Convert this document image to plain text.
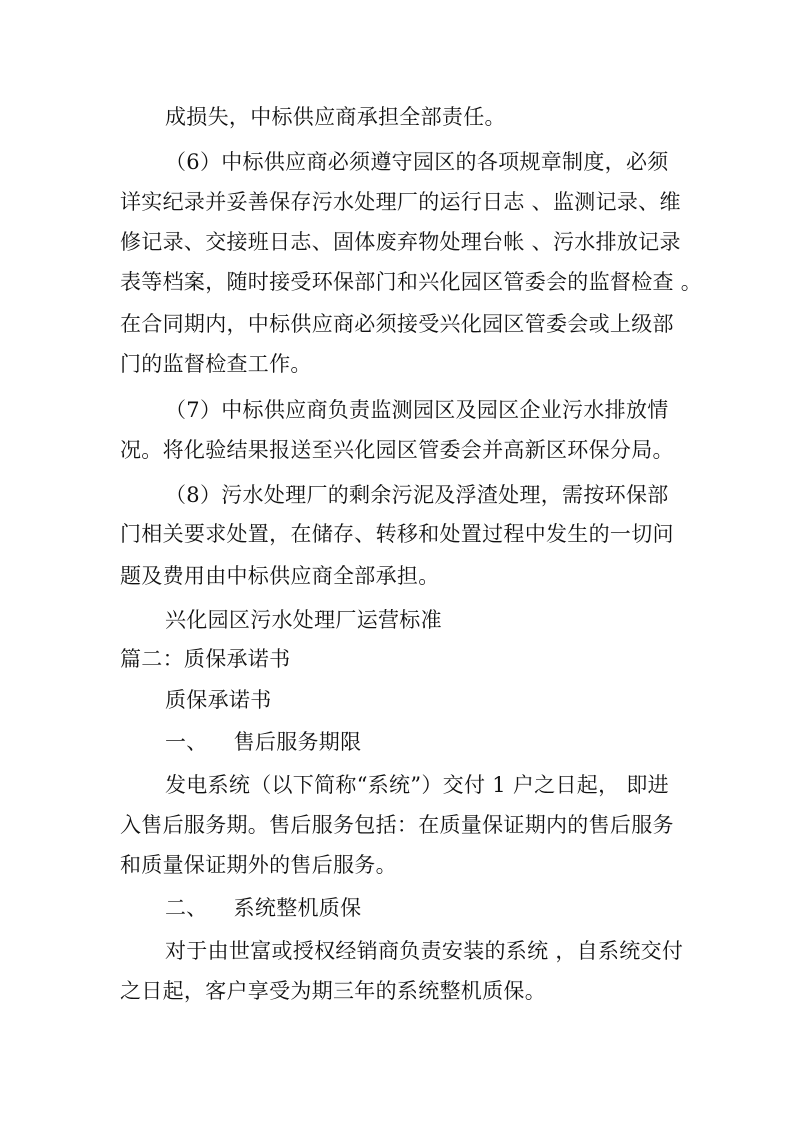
成损失，中标供应商承担全部责任。
（6）中标供应商必须遵守园区的各项规章制度，必须
详实纪录并妥善保存污水处理厂的运行日志 、监测记录、维
修记录、交接班日志、固体废弃物处理台帐 、污水排放记录
表等档案，随时接受环保部门和兴化园区管委会的监督检查 。
在合同期内，中标供应商必须接受兴化园区管委会或上级部
门的监督检查工作。
（7）中标供应商负责监测园区及园区企业污水排放情
况。将化验结果报送至兴化园区管委会并高新区环保分局。
（8）污水处理厂的剩余污泥及浮渣处理，需按环保部
门相关要求处置，在储存、转移和处置过程中发生的一切问
题及费用由中标供应商全部承担。
兴化园区污水处理厂运营标准
篇二：质保承诺书
质保承诺书
一、 售后服务期限
发电系统（以下简称“系统”）交付 1 户之日起， 即进
入售后服务期。售后服务包括：在质量保证期内的售后服务
和质量保证期外的售后服务。
二、 系统整机质保
对于由世富或授权经销商负责安装的系统 ，自系统交付
之日起，客户享受为期三年的系统整机质保。
